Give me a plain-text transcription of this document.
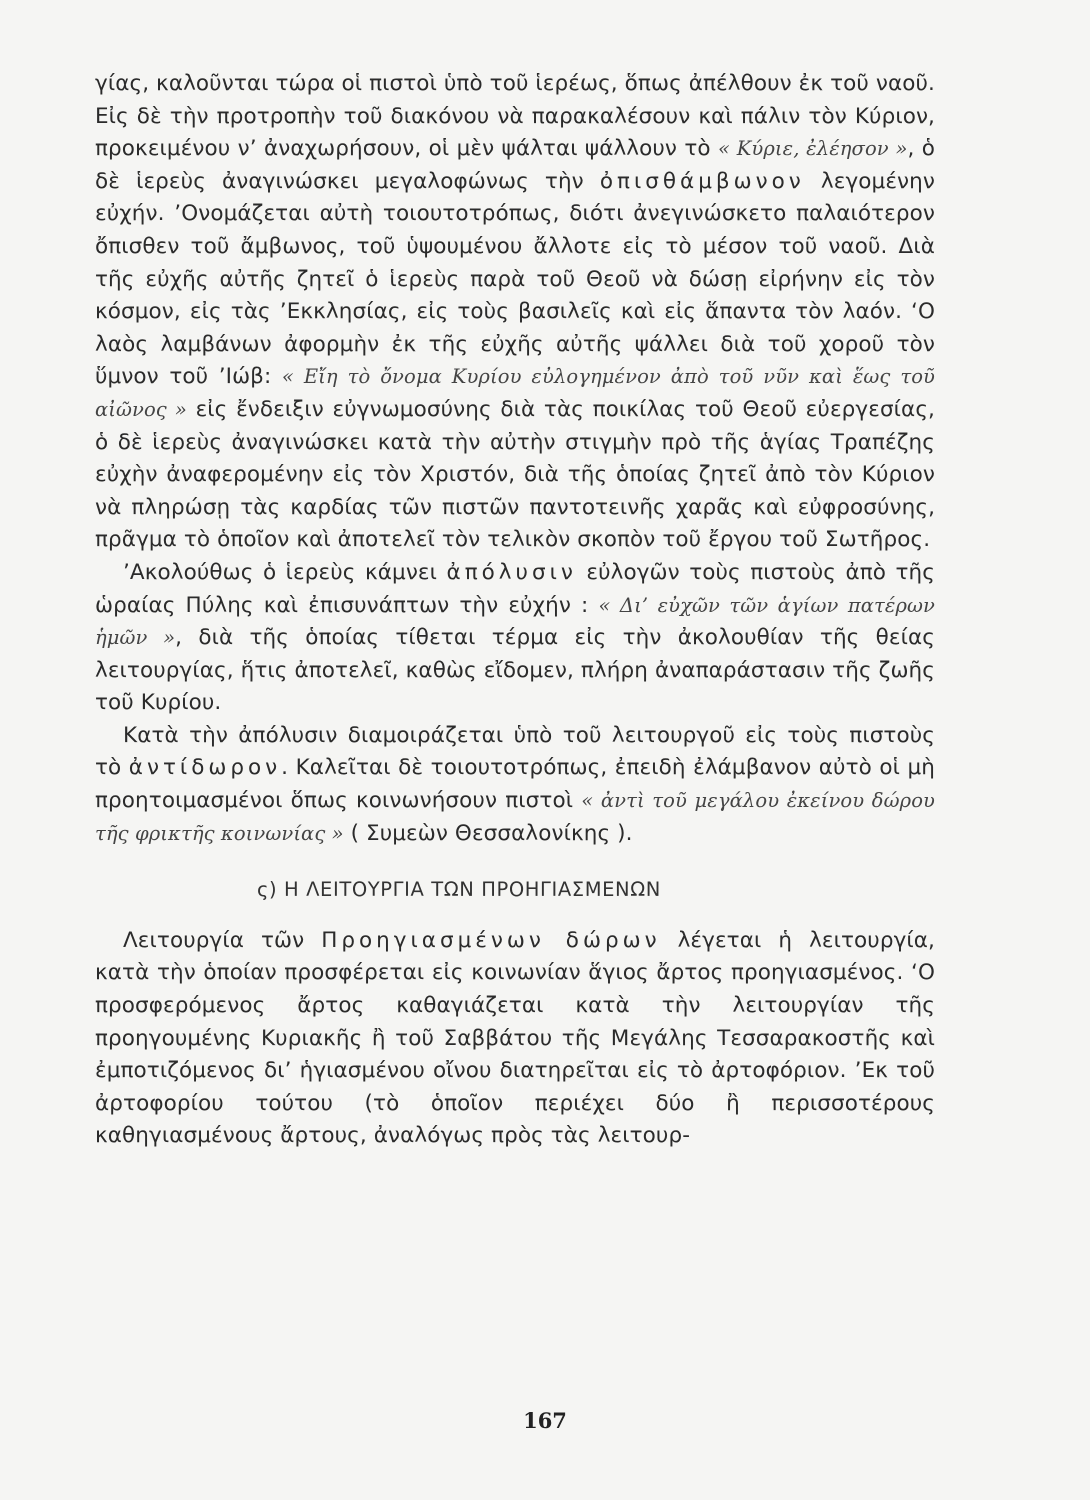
γίας, καλοῦνται τώρα οἱ πιστοὶ ὑπὸ τοῦ ἱερέως, ὅπως ἀπέλθουν ἐκ τοῦ ναοῦ. Εἰς δὲ τὴν προτροπὴν τοῦ διακόνου νὰ παρακαλέσουν καὶ πάλιν τὸν Κύριον, προκειμένου ν’ ἀναχωρήσουν, οἱ μὲν ψάλται ψάλλουν τὸ « Κύριε, ἐλέησον », ὁ δὲ ἱερεὺς ἀναγινώσκει μεγαλοφώνως τὴν ὀπισθάμβωνον λεγομένην εὐχήν. ’Ονομάζεται αὐτὴ τοιουτοτρόπως, διότι ἀνεγινώσκετο παλαιότερον ὄπισθεν τοῦ ἄμβωνος, τοῦ ὑψουμένου ἄλλοτε εἰς τὸ μέσον τοῦ ναοῦ. Διὰ τῆς εὐχῆς αὐτῆς ζητεῖ ὁ ἱερεὺς παρὰ τοῦ Θεοῦ νὰ δώσῃ εἰρήνην εἰς τὸν κόσμον, εἰς τὰς ’Εκκλησίας, εἰς τοὺς βασιλεῖς καὶ εἰς ἅπαντα τὸν λαόν. ‘Ο λαὸς λαμβάνων ἀφορμὴν ἐκ τῆς εὐχῆς αὐτῆς ψάλλει διὰ τοῦ χοροῦ τὸν ὕμνον τοῦ ’Ιώβ: « Εἴη τὸ ὄνομα Κυρίου εὐλογημένον ἀπὸ τοῦ νῦν καὶ ἕως τοῦ αἰῶνος » εἰς ἔνδειξιν εὐγνωμοσύνης διὰ τὰς ποικίλας τοῦ Θεοῦ εὐεργεσίας, ὁ δὲ ἱερεὺς ἀναγινώσκει κατὰ τὴν αὐτὴν στιγμὴν πρὸ τῆς ἁγίας Τραπέζης εὐχὴν ἀναφερομένην εἰς τὸν Χριστόν, διὰ τῆς ὁποίας ζητεῖ ἀπὸ τὸν Κύριον νὰ πληρώσῃ τὰς καρδίας τῶν πιστῶν παντοτεινῆς χαρᾶς καὶ εὐφροσύνης, πρᾶγμα τὸ ὁποῖον καὶ ἀποτελεῖ τὸν τελικὸν σκοπὸν τοῦ ἔργου τοῦ Σωτῆρος.

’Ακολούθως ὁ ἱερεὺς κάμνει ἀπόλυσιν εὐλογῶν τοὺς πιστοὺς ἀπὸ τῆς ὡραίας Πύλης καὶ ἐπισυνάπτων τὴν εὐχήν : « Δι’ εὐχῶν τῶν ἁγίων πατέρων ἡμῶν », διὰ τῆς ὁποίας τίθεται τέρμα εἰς τὴν ἀκολουθίαν τῆς θείας λειτουργίας, ἥτις ἀποτελεῖ, καθὼς εἴδομεν, πλήρη ἀναπαράστασιν τῆς ζωῆς τοῦ Κυρίου.

Κατὰ τὴν ἀπόλυσιν διαμοιράζεται ὑπὸ τοῦ λειτουργοῦ εἰς τοὺς πιστοὺς τὸ ἀντίδωρον. Καλεῖται δὲ τοιουτοτρόπως, ἐπειδὴ ἐλάμβανον αὐτὸ οἱ μὴ προητοιμασμένοι ὅπως κοινωνήσουν πιστοὶ « ἀντὶ τοῦ μεγάλου ἐκείνου δώρου τῆς φρικτῆς κοινωνίας » ( Συμεὼν Θεσσαλονίκης ).

ς) Η ΛΕΙΤΟΥΡΓΙΑ ΤΩΝ ΠΡΟΗΓΙΑΣΜΕΝΩΝ

Λειτουργία τῶν Προηγιασμένων δώρων λέγεται ἡ λειτουργία, κατὰ τὴν ὁποίαν προσφέρεται εἰς κοινωνίαν ἅγιος ἄρτος προηγιασμένος. ‘Ο προσφερόμενος ἄρτος καθαγιάζεται κατὰ τὴν λειτουργίαν τῆς προηγουμένης Κυριακῆς ἢ τοῦ Σαββάτου τῆς Μεγάλης Τεσσαρακοστῆς καὶ ἐμποτιζόμενος δι’ ἡγιασμένου οἴνου διατηρεῖται εἰς τὸ ἀρτοφόριον. ’Εκ τοῦ ἀρτοφορίου τούτου (τὸ ὁποῖον περιέχει δύο ἢ περισσοτέρους καθηγιασμένους ἄρτους, ἀναλόγως πρὸς τὰς λειτουρ-

167
